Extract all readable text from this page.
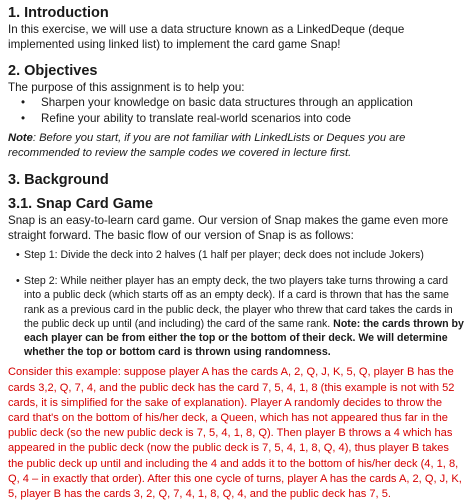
1. Introduction

In this exercise, we will use a data structure known as a LinkedDeque (deque implemented using linked list) to implement the card game Snap!

2. Objectives

The purpose of this assignment is to help you:

• Sharpen your knowledge on basic data structures through an application
• Refine your ability to translate real-world scenarios into code

Note: Before you start, if you are not familiar with LinkedLists or Deques you are recommended to review the sample codes we covered in lecture first.

3. Background
3.1. Snap Card Game

Snap is an easy-to-learn card game. Our version of Snap makes the game even more straight forward. The basic flow of our version of Snap is as follows:

• Step 1: Divide the deck into 2 halves (1 half per player; deck does not include Jokers)
• Step 2: While neither player has an empty deck, the two players take turns throwing a card into a public deck (which starts off as an empty deck). If a card is thrown that has the same rank as a previous card in the public deck, the player who threw that card takes the cards in the public deck up until (and including) the card of the same rank. Note: the cards thrown by each player can be from either the top or the bottom of their deck. We will determine whether the top or bottom card is thrown using randomness.

Consider this example: suppose player A has the cards A, 2, Q, J, K, 5, Q, player B has the cards 3,2, Q, 7, 4, and the public deck has the card 7, 5, 4, 1, 8 (this example is not with 52 cards, it is simplified for the sake of explanation). Player A randomly decides to throw the card that's on the bottom of his/her deck, a Queen, which has not appeared thus far in the public deck (so the new public deck is 7, 5, 4, 1, 8, Q). Then player B throws a 4 which has appeared in the public deck (now the public deck is 7, 5, 4, 1, 8, Q, 4), thus player B takes the public deck up until and including the 4 and adds it to the bottom of his/her deck (4, 1, 8, Q, 4 – in exactly that order). After this one cycle of turns, player A has the cards A, 2, Q, J, K, 5, player B has the cards 3, 2, Q, 7, 4, 1, 8, Q, 4, and the public deck has 7, 5.
